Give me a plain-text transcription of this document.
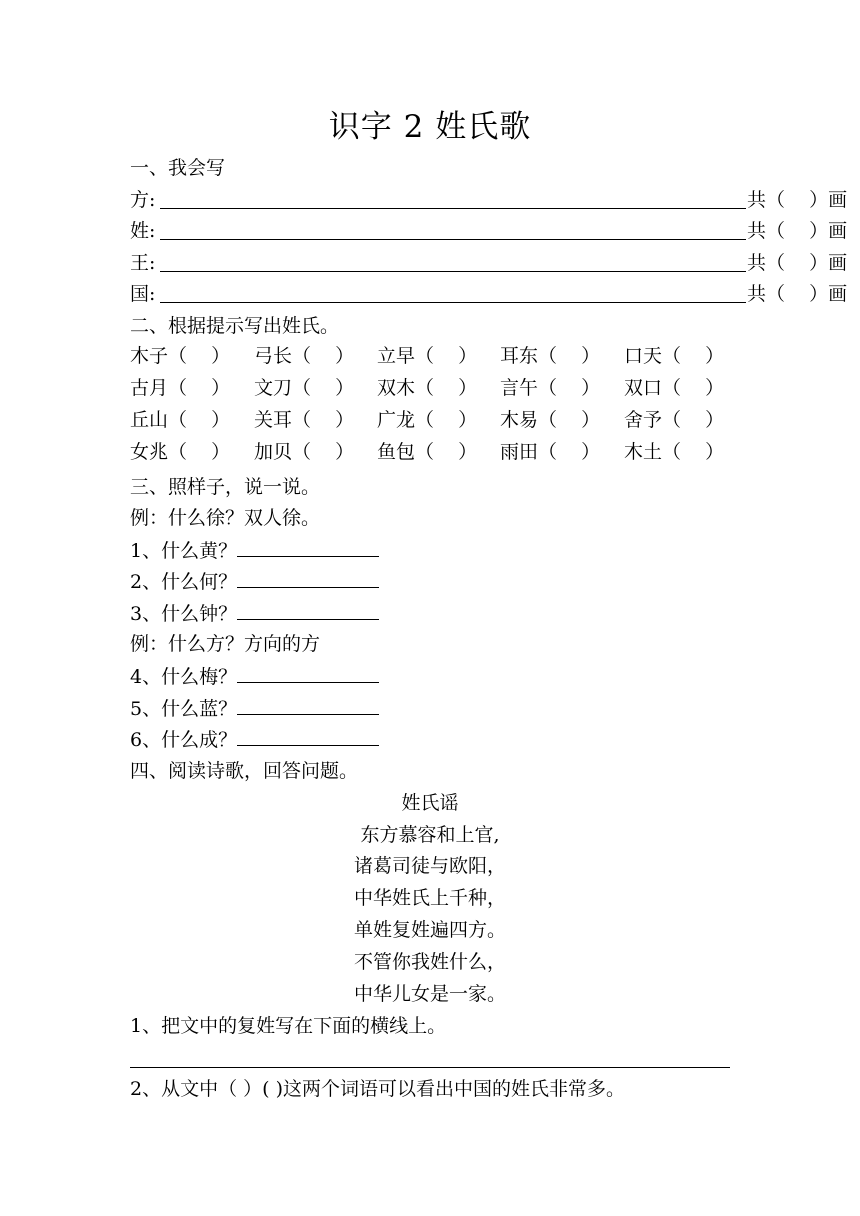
识字 2 姓氏歌
一、我会写
方:	共（    ）画
姓:	共（    ）画
王:	共（    ）画
国:	共（    ）画
二、根据提示写出姓氏。
木子（    ） 弓长（    ） 立早（    ） 耳东（    ） 口天（    ）
古月（    ） 文刀（    ） 双木（    ） 言午（    ） 双口（    ）
丘山（    ） 关耳（    ） 广龙（    ） 木易（    ） 舍予（    ）
女兆（    ） 加贝（    ） 鱼包（    ） 雨田（    ） 木土（    ）
三、照样子，说一说。
例：什么徐？双人徐。
1、什么黄？
2、什么何？
3、什么钟？
例：什么方？方向的方
4、什么梅？
5、什么蓝？
6、什么成？
四、阅读诗歌，回答问题。
姓氏谣
东方慕容和上官,
诸葛司徒与欧阳，
中华姓氏上千种，
单姓复姓遍四方。
不管你我姓什么，
中华儿女是一家。
1、把文中的复姓写在下面的横线上。
2、从文中（ ）( )这两个词语可以看出中国的姓氏非常多。
